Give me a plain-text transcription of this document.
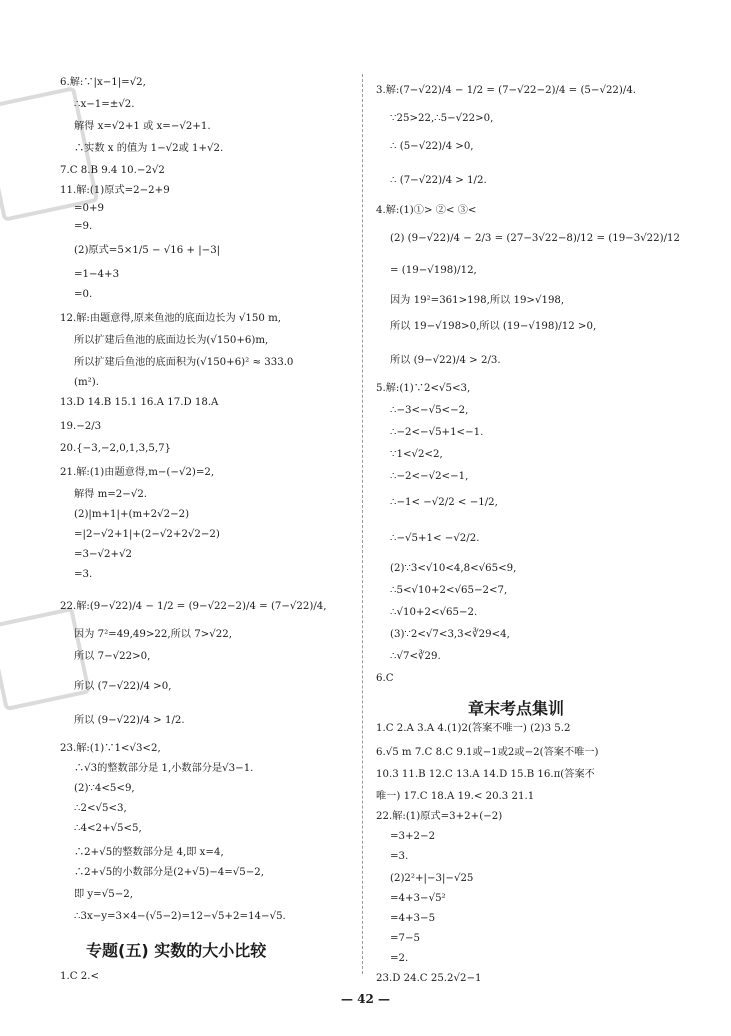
6.解:∵|x−1|=√2,
∴x−1=±√2.
解得 x=√2+1 或 x=−√2+1.
∴实数 x 的值为 1−√2或 1+√2.
7.C 8.B 9.4 10.−2√2
11.解:(1)原式=2−2+9
=0+9
=9.
(2)原式=5×1/5 − √16 + |−3|
=1−4+3
=0.
12.解:由题意得,原来鱼池的底面边长为 √150 m,
所以扩建后鱼池的底面边长为(√150+6)m,
所以扩建后鱼池的底面积为(√150+6)² ≈ 333.0
(m²).
13.D 14.B 15.1 16.A 17.D 18.A
19.−2/3
20.{−3,−2,0,1,3,5,7}
21.解:(1)由题意得,m−(−√2)=2,
解得 m=2−√2.
(2)|m+1|+(m+2√2−2)
=|2−√2+1|+(2−√2+2√2−2)
=3−√2+√2
=3.
22.解:(9−√22)/4 − 1/2 = (9−√22−2)/4 = (7−√22)/4,
因为 7²=49,49>22,所以 7>√22,
所以 7−√22>0,
所以 (7−√22)/4 >0,
所以 (9−√22)/4 > 1/2.
23.解:(1)∵1<√3<2,
∴√3的整数部分是 1,小数部分是√3−1.
(2)∵4<5<9,
∴2<√5<3,
∴4<2+√5<5,
∴2+√5的整数部分是 4,即 x=4,
∴2+√5的小数部分是(2+√5)−4=√5−2,
即 y=√5−2,
∴3x−y=3×4−(√5−2)=12−√5+2=14−√5.
1.C 2.<
3.解:(7−√22)/4 − 1/2 = (7−√22−2)/4 = (5−√22)/4.
∵25>22,∴5−√22>0,
∴ (5−√22)/4 >0,
∴ (7−√22)/4 > 1/2.
4.解:(1)①> ②< ③<
(2) (9−√22)/4 − 2/3 = (27−3√22−8)/12 = (19−3√22)/12
= (19−√198)/12,
因为 19²=361>198,所以 19>√198,
所以 19−√198>0,所以 (19−√198)/12 >0,
所以 (9−√22)/4 > 2/3.
5.解:(1)∵2<√5<3,
∴−3<−√5<−2,
∴−2<−√5+1<−1.
∵1<√2<2,
∴−2<−√2<−1,
∴−1< −√2/2 < −1/2,
∴−√5+1< −√2/2.
(2)∵3<√10<4,8<√65<9,
∴5<√10+2<√65−2<7,
∴√10+2<√65−2.
(3)∵2<√7<3,3<∛29<4,
∴√7<∛29.
6.C
1.C 2.A 3.A 4.(1)2(答案不唯一) (2)3 5.2
6.√5 m 7.C 8.C 9.1或−1或2或−2(答案不唯一)
10.3 11.B 12.C 13.A 14.D 15.B 16.π(答案不
唯一) 17.C 18.A 19.< 20.3 21.1
22.解:(1)原式=3+2+(−2)
=3+2−2
=3.
(2)2²+|−3|−√25
=4+3−√5²
=4+3−5
=7−5
=2.
23.D 24.C 25.2√2−1
专题(五) 实数的大小比较
章末考点集训
— 42 —
